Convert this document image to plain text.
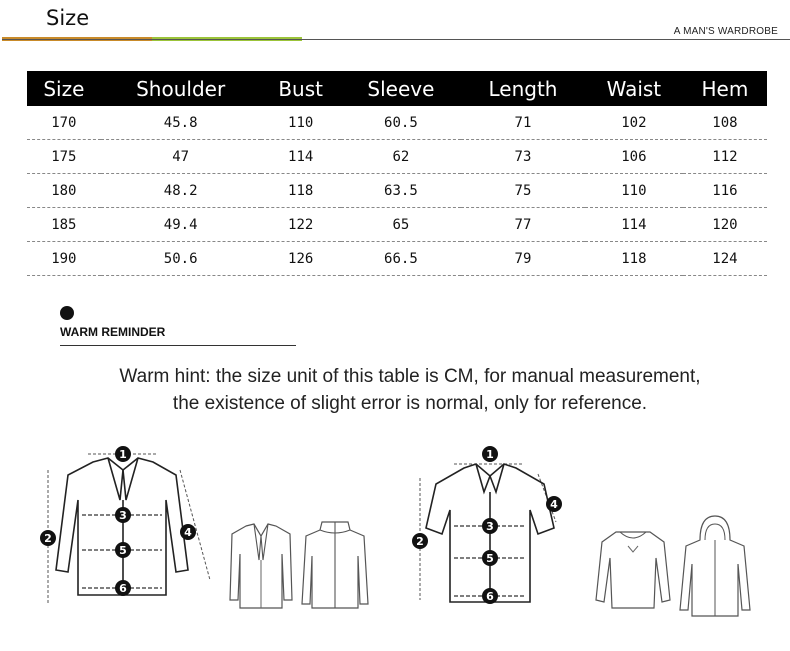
Size
A MAN'S WARDROBE
Size	Shoulder	Bust	Sleeve	Length	Waist	Hem
170	45.8	110	60.5	71	102	108
175	47	114	62	73	106	112
180	48.2	118	63.5	75	110	116
185	49.4	122	65	77	114	120
190	50.6	126	66.5	79	118	124
WARM REMINDER
Warm hint: the size unit of this table is CM, for manual measurement,
the existence of slight error is normal, only for reference.
1
2
3
4
5
6
1
2
3
4
5
6
